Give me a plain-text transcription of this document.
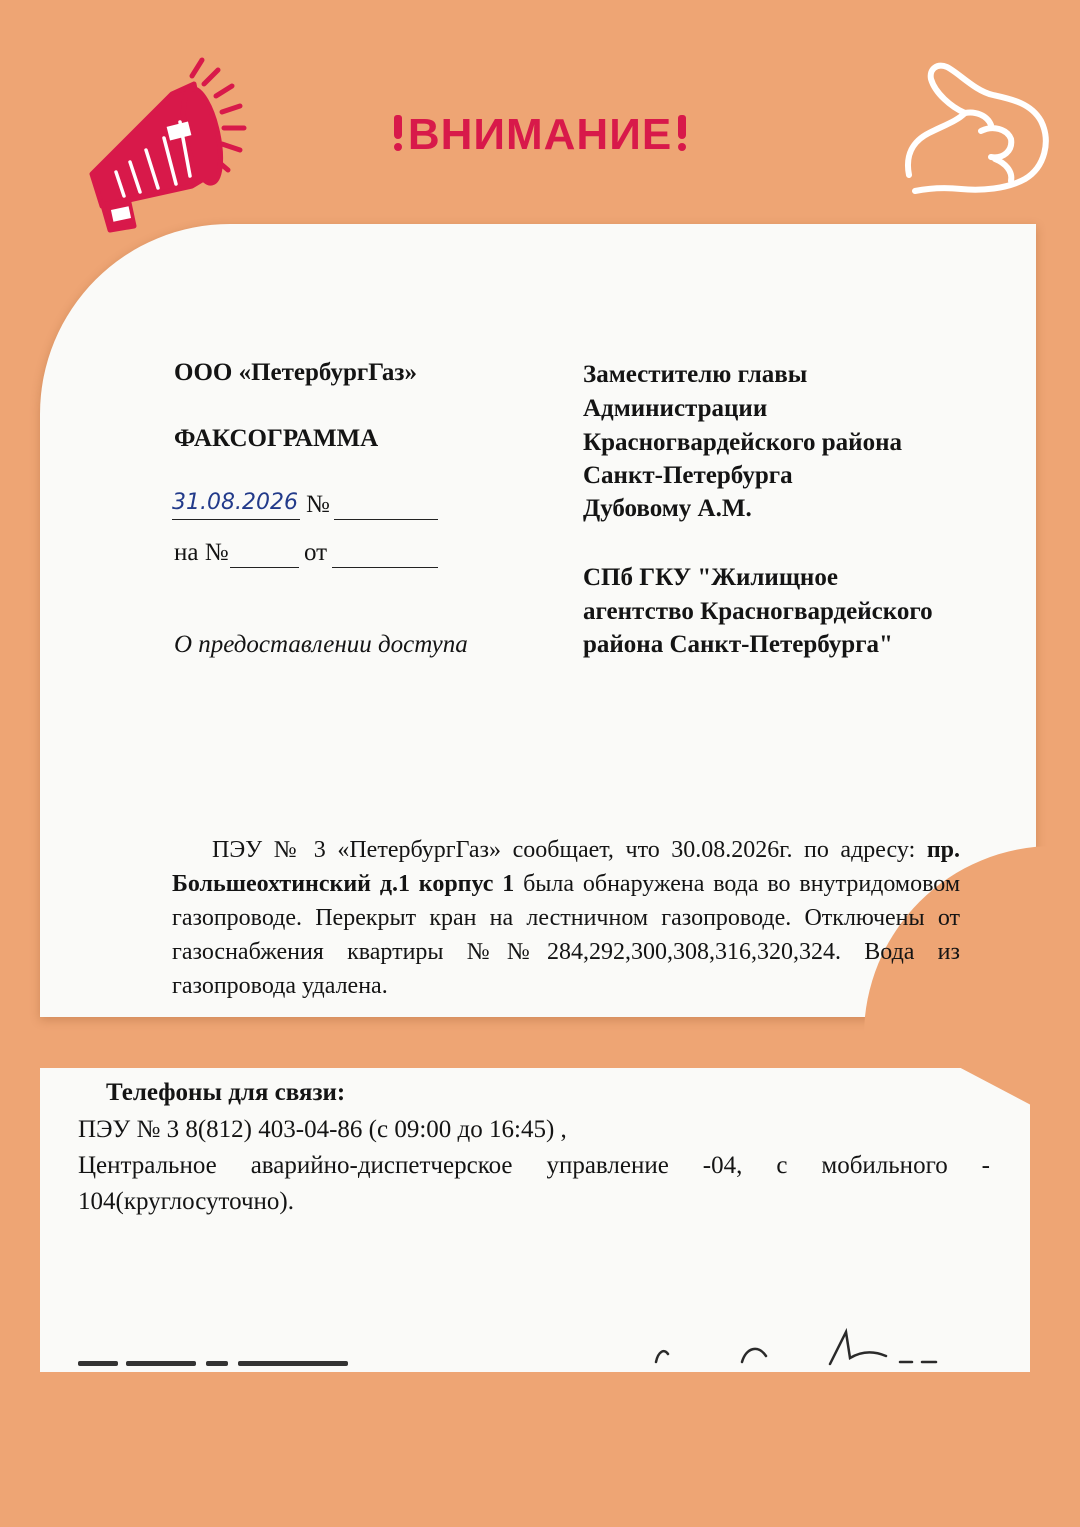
ВНИМАНИЕ

ООО «ПетербургГаз»

ФАКСОГРАММА

31.08.2026 №

на №	от

О предоставлении доступа

Заместителю главы

Администрации

Красногвардейского района

Санкт-Петербурга

Дубовому А.М.

СПб ГКУ "Жилищное

агентство Красногвардейского

района Санкт-Петербурга"

ПЭУ № 3 «ПетербургГаз» сообщает, что 30.08.2026г. по адресу: пр. Большеохтинский д.1 корпус 1 была обнаружена вода во внутридомовом газопроводе. Перекрыт кран на лестничном газопроводе. Отключены от газоснабжения квартиры №№284,292,300,308,316,320,324. Вода из газопровода удалена.

Телефоны для связи:

ПЭУ № 3 8(812) 403-04-86 (с 09:00 до 16:45) ,
Центральное аварийно-диспетчерское управление -04, с мобильного -
104(круглосуточно).
